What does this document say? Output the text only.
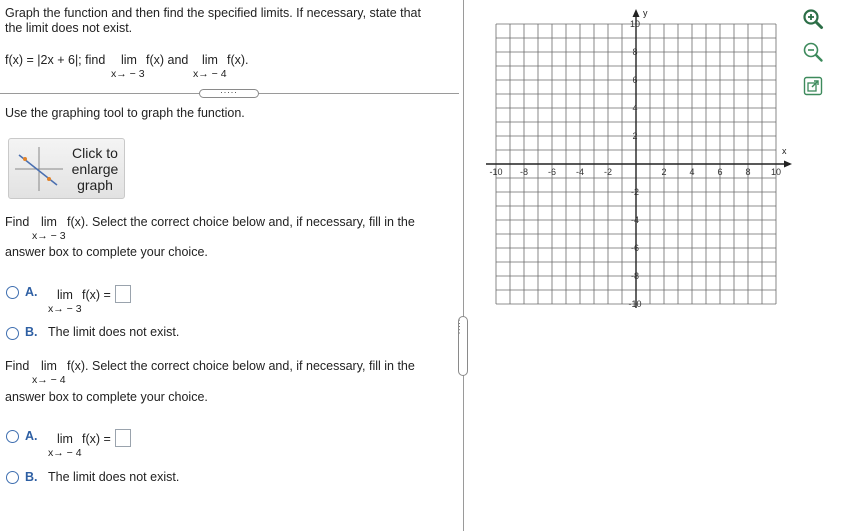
Graph the function and then find the specified limits. If necessary, state that
the limit does not exist.
f(x) = |2x + 6|; find lim f(x) and
x→ − 3
lim f(x).
x→ − 4
.....
Use the graphing tool to graph the function.
Click to
enlarge
graph
Find lim f(x). Select the correct choice below and, if necessary, fill in the
x→ − 3
answer box to complete your choice.
A. lim f(x) =
x→ − 3
B. The limit does not exist.
Find lim f(x). Select the correct choice below and, if necessary, fill in the
x→ − 4
answer box to complete your choice.
A. lim f(x) =
x→ − 4
B. The limit does not exist.
.....
x
y
-10 -8 -6 -4 -2	2	4	6	8 10
10
8
6
4
2
-2
-4
-6
-8
-10
